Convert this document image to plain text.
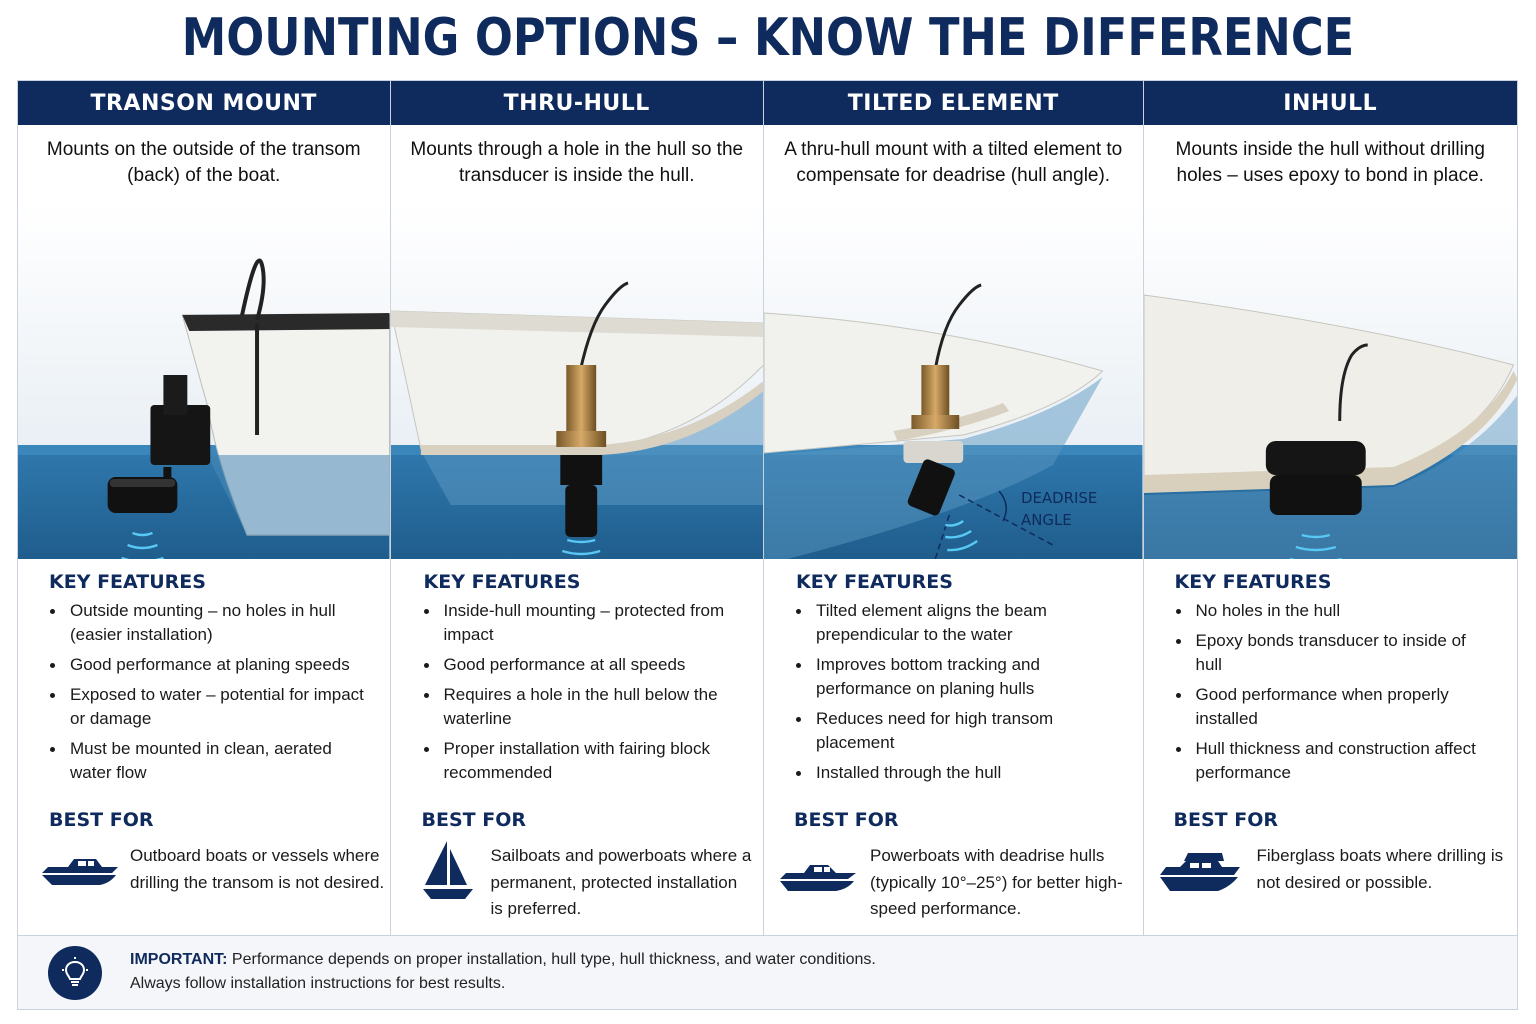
MOUNTING OPTIONS – KNOW THE DIFFERENCE
TRANSON MOUNT
Mounts on the outside of the transom (back) of the boat.
KEY FEATURES
Outside mounting – no holes in hull (easier installation)
Good performance at planing speeds
Exposed to water – potential for impact or damage
Must be mounted in clean, aerated water flow
BEST FOR
Outboard boats or vessels where drilling the transom is not desired.
THRU-HULL
Mounts through a hole in the hull so the transducer is inside the hull.
KEY FEATURES
Inside-hull mounting – protected from impact
Good performance at all speeds
Requires a hole in the hull below the waterline
Proper installation with fairing block recommended
BEST FOR
Sailboats and powerboats where a permanent, protected installation is preferred.
TILTED ELEMENT
A thru-hull mount with a tilted element to compensate for deadrise (hull angle).
DEADRISE
ANGLE
KEY FEATURES
Tilted element aligns the beam prependicular to the water
Improves bottom tracking and performance on planing hulls
Reduces need for high transom placement
Installed through the hull
BEST FOR
Powerboats with deadrise hulls (typically 10°–25°) for better high-speed performance.
INHULL
Mounts inside the hull without drilling holes – uses epoxy to bond in place.
KEY FEATURES
No holes in the hull
Epoxy bonds transducer to inside of hull
Good performance when properly installed
Hull thickness and construction affect performance
BEST FOR
Fiberglass boats where drilling is not desired or possible.
IMPORTANT: Performance depends on proper installation, hull type, hull thickness, and water conditions.
Always follow installation instructions for best results.
